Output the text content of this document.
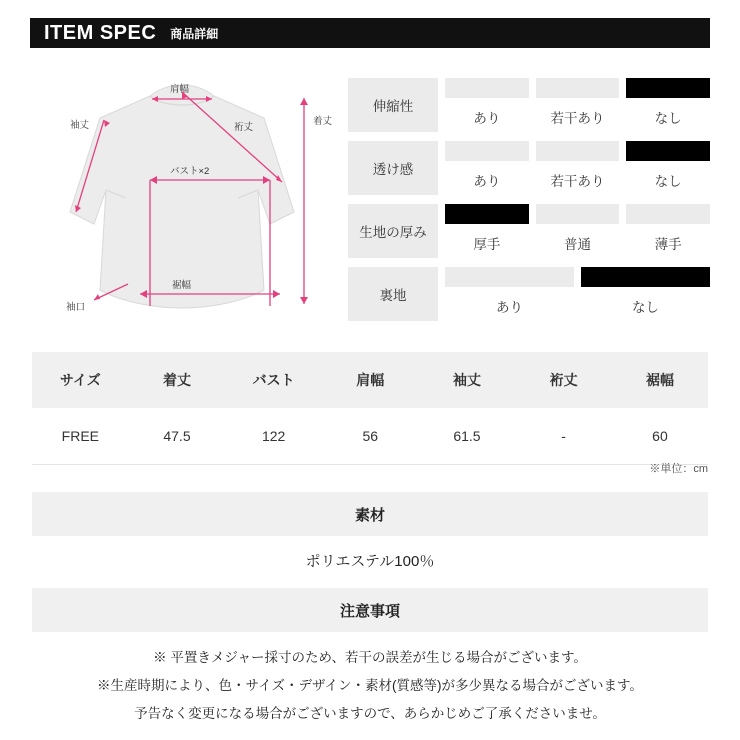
ITEM SPEC 商品詳細
袖丈
肩幅
裄丈
着丈
バスト×2
裾幅
袖口
伸縮性
あり	若干あり	なし
透け感
あり	若干あり	なし
生地の厚み
厚手	普通	薄手
裏地
あり	なし
サイズ	着丈	バスト	肩幅	袖丈	裄丈	裾幅
FREE	47.5	122	56	61.5	-	60
※単位：cm
素材
ポリエステル100％
注意事項
※ 平置きメジャー採寸のため、若干の誤差が生じる場合がございます。
※生産時期により、色・サイズ・デザイン・素材(質感等)が多少異なる場合がございます。
予告なく変更になる場合がございますので、あらかじめご了承くださいませ。
